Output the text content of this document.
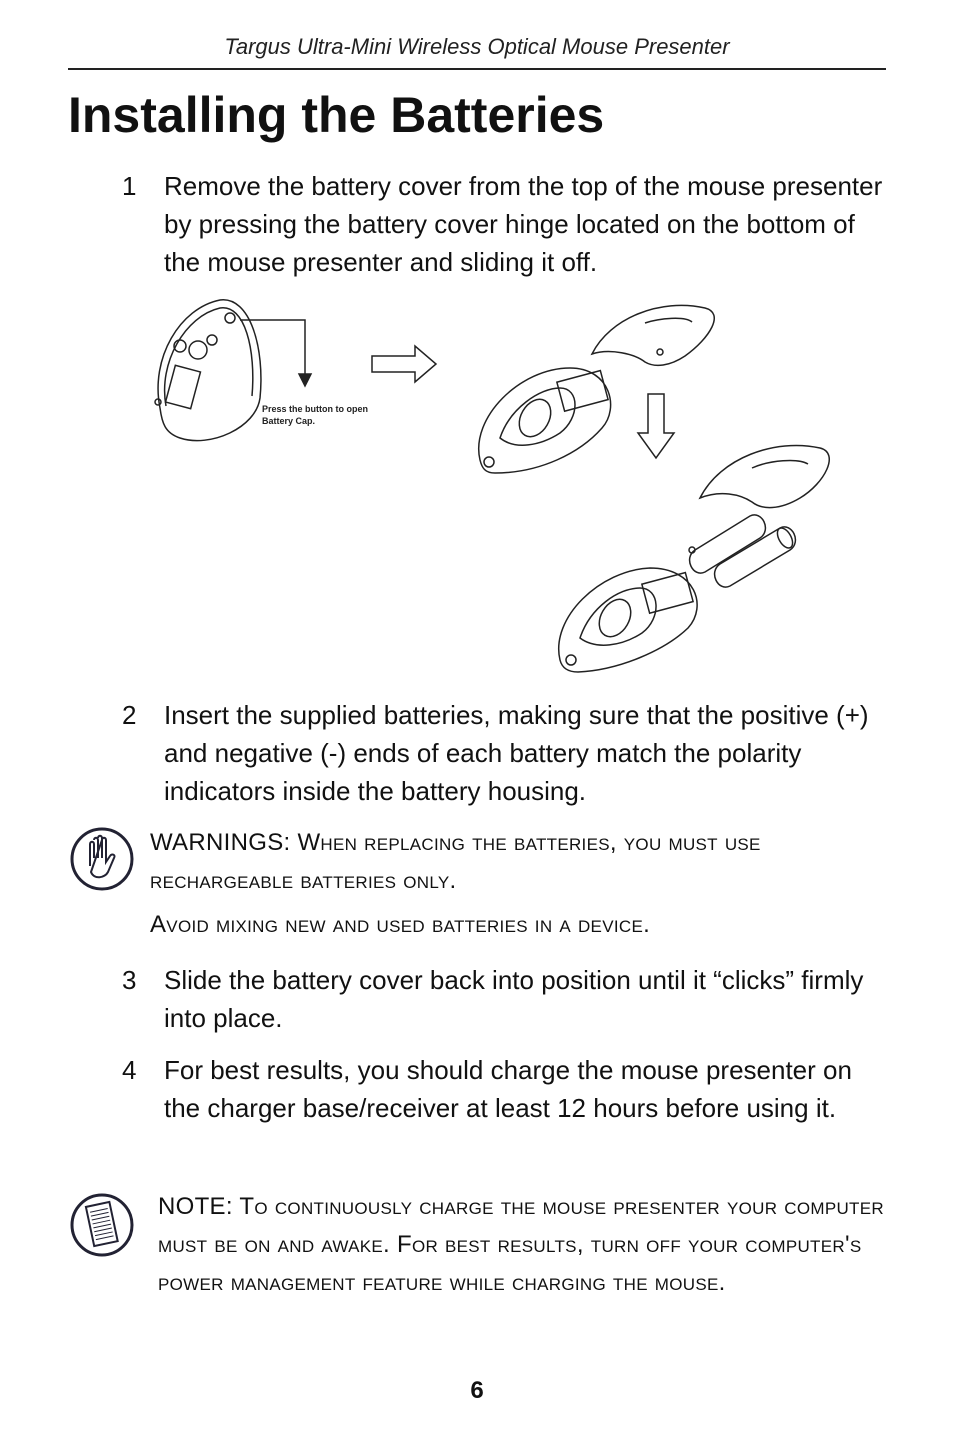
Targus Ultra-Mini Wireless Optical Mouse Presenter
Installing the Batteries
1	Remove the battery cover from the top of the mouse presenter by pressing the battery cover hinge located on the bottom of the mouse presenter and sliding it off.
Press the button to open
Battery Cap.
2	Insert the supplied batteries, making sure that the positive (+) and negative (-) ends of each battery match the polarity indicators inside the battery housing.
WARNINGS: When replacing the batteries, you must use rechargeable batteries only.
Avoid mixing new and used batteries in a device.
3	Slide the battery cover back into position until it “clicks” firmly into place.
4	For best results, you should charge the mouse presenter on the charger base/receiver at least 12 hours before using it.
NOTE: To continuously charge the mouse presenter your computer must be on and awake. For best results, turn off your computer's power management feature while charging the mouse.
6
